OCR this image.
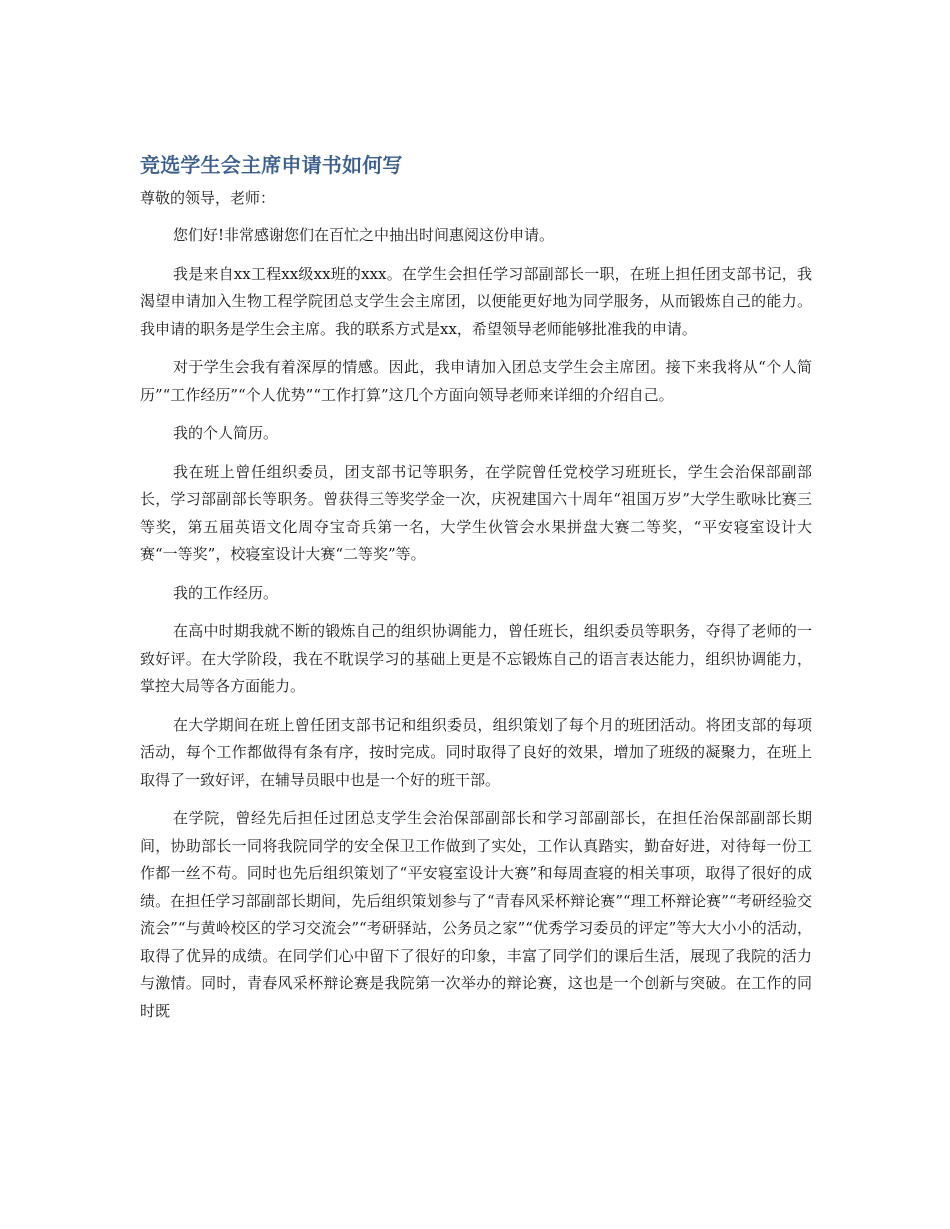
竞选学生会主席申请书如何写

尊敬的领导，老师：

您们好!非常感谢您们在百忙之中抽出时间惠阅这份申请。

我是来自xx工程xx级xx班的xxx。在学生会担任学习部副部长一职，在班上担任团支部书记，我渴望申请加入生物工程学院团总支学生会主席团，以便能更好地为同学服务，从而锻炼自己的能力。我申请的职务是学生会主席。我的联系方式是xx，希望领导老师能够批准我的申请。

对于学生会我有着深厚的情感。因此，我申请加入团总支学生会主席团。接下来我将从“个人简历”“工作经历”“个人优势”“工作打算”这几个方面向领导老师来详细的介绍自己。

我的个人简历。

我在班上曾任组织委员，团支部书记等职务，在学院曾任党校学习班班长，学生会治保部副部长，学习部副部长等职务。曾获得三等奖学金一次，庆祝建国六十周年“祖国万岁”大学生歌咏比赛三等奖，第五届英语文化周夺宝奇兵第一名，大学生伙管会水果拼盘大赛二等奖，“平安寝室设计大赛“一等奖”，校寝室设计大赛“二等奖”等。

我的工作经历。

在高中时期我就不断的锻炼自己的组织协调能力，曾任班长，组织委员等职务，夺得了老师的一致好评。在大学阶段，我在不耽误学习的基础上更是不忘锻炼自己的语言表达能力，组织协调能力，掌控大局等各方面能力。

在大学期间在班上曾任团支部书记和组织委员，组织策划了每个月的班团活动。将团支部的每项活动，每个工作都做得有条有序，按时完成。同时取得了良好的效果，增加了班级的凝聚力，在班上取得了一致好评，在辅导员眼中也是一个好的班干部。

在学院，曾经先后担任过团总支学生会治保部副部长和学习部副部长，在担任治保部副部长期间，协助部长一同将我院同学的安全保卫工作做到了实处，工作认真踏实，勤奋好进，对待每一份工作都一丝不苟。同时也先后组织策划了“平安寝室设计大赛”和每周查寝的相关事项，取得了很好的成绩。在担任学习部副部长期间，先后组织策划参与了“青春风采杯辩论赛”“理工杯辩论赛”“考研经验交流会”“与黄岭校区的学习交流会”“考研驿站，公务员之家”“优秀学习委员的评定”等大大小小的活动，取得了优异的成绩。在同学们心中留下了很好的印象，丰富了同学们的课后生活，展现了我院的活力与激情。同时，青春风采杯辩论赛是我院第一次举办的辩论赛，这也是一个创新与突破。在工作的同时既
